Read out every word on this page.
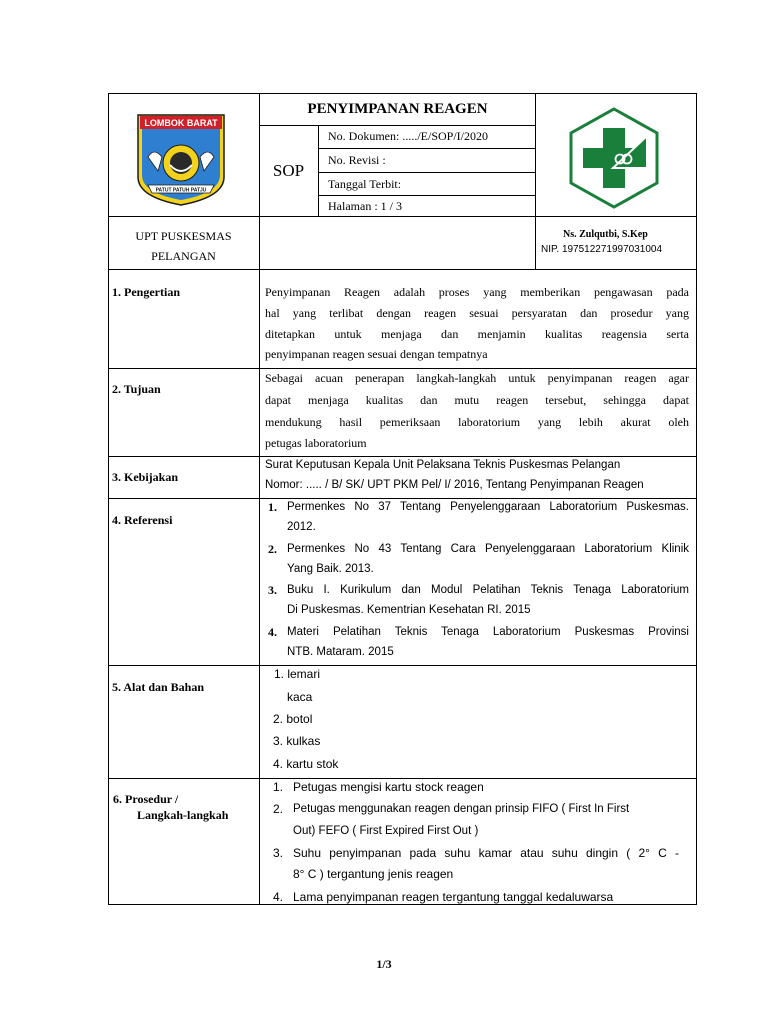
LOMBOK BARAT
PATUT PATUH PATJU
PENYIMPANAN REAGEN
SOP
No. Dokumen: ...../E/SOP/I/2020
No. Revisi :
Tanggal Terbit:
Halaman : 1 / 3
UPT PUSKESMAS
PELANGAN
Ns. Zulqutbi, S.Kep
NIP. 197512271997031004
1. Pengertian	Penyimpanan Reagen adalah proses yang memberikan pengawasan pada
hal yang terlibat dengan reagen sesuai persyaratan dan prosedur yang
ditetapkan untuk menjaga dan menjamin kualitas reagensia serta
penyimpanan reagen sesuai dengan tempatnya
2. Tujuan
Sebagai acuan penerapan langkah-langkah untuk penyimpanan reagen agar
dapat menjaga kualitas dan mutu reagen tersebut, sehingga dapat
mendukung hasil pemeriksaan laboratorium yang lebih akurat oleh
petugas laboratorium
3. Kebijakan
Surat Keputusan Kepala Unit Pelaksana Teknis Puskesmas Pelangan
Nomor: ..... / B/ SK/ UPT PKM Pel/ I/ 2016, Tentang Penyimpanan Reagen
4. Referensi
1. Permenkes No 37 Tentang Penyelenggaraan Laboratorium Puskesmas.
2012.
2. Permenkes No 43 Tentang Cara Penyelenggaraan Laboratorium Klinik
Yang Baik. 2013.
3. Buku I. Kurikulum dan Modul Pelatihan Teknis Tenaga Laboratorium
Di Puskesmas. Kementrian Kesehatan RI. 2015
4. Materi Pelatihan Teknis Tenaga Laboratorium Puskesmas Provinsi
NTB. Mataram. 2015
5. Alat dan Bahan
1. lemari
kaca
2. botol
3. kulkas
4. kartu stok
6. Prosedur /
Langkah-langkah
1. Petugas mengisi kartu stock reagen
2. Petugas menggunakan reagen dengan prinsip FIFO ( First In First
Out) FEFO ( First Expired First Out )
3. Suhu penyimpanan pada suhu kamar atau suhu dingin ( 2° C -
8° C ) tergantung jenis reagen
4. Lama penyimpanan reagen tergantung tanggal kedaluwarsa
1/3
